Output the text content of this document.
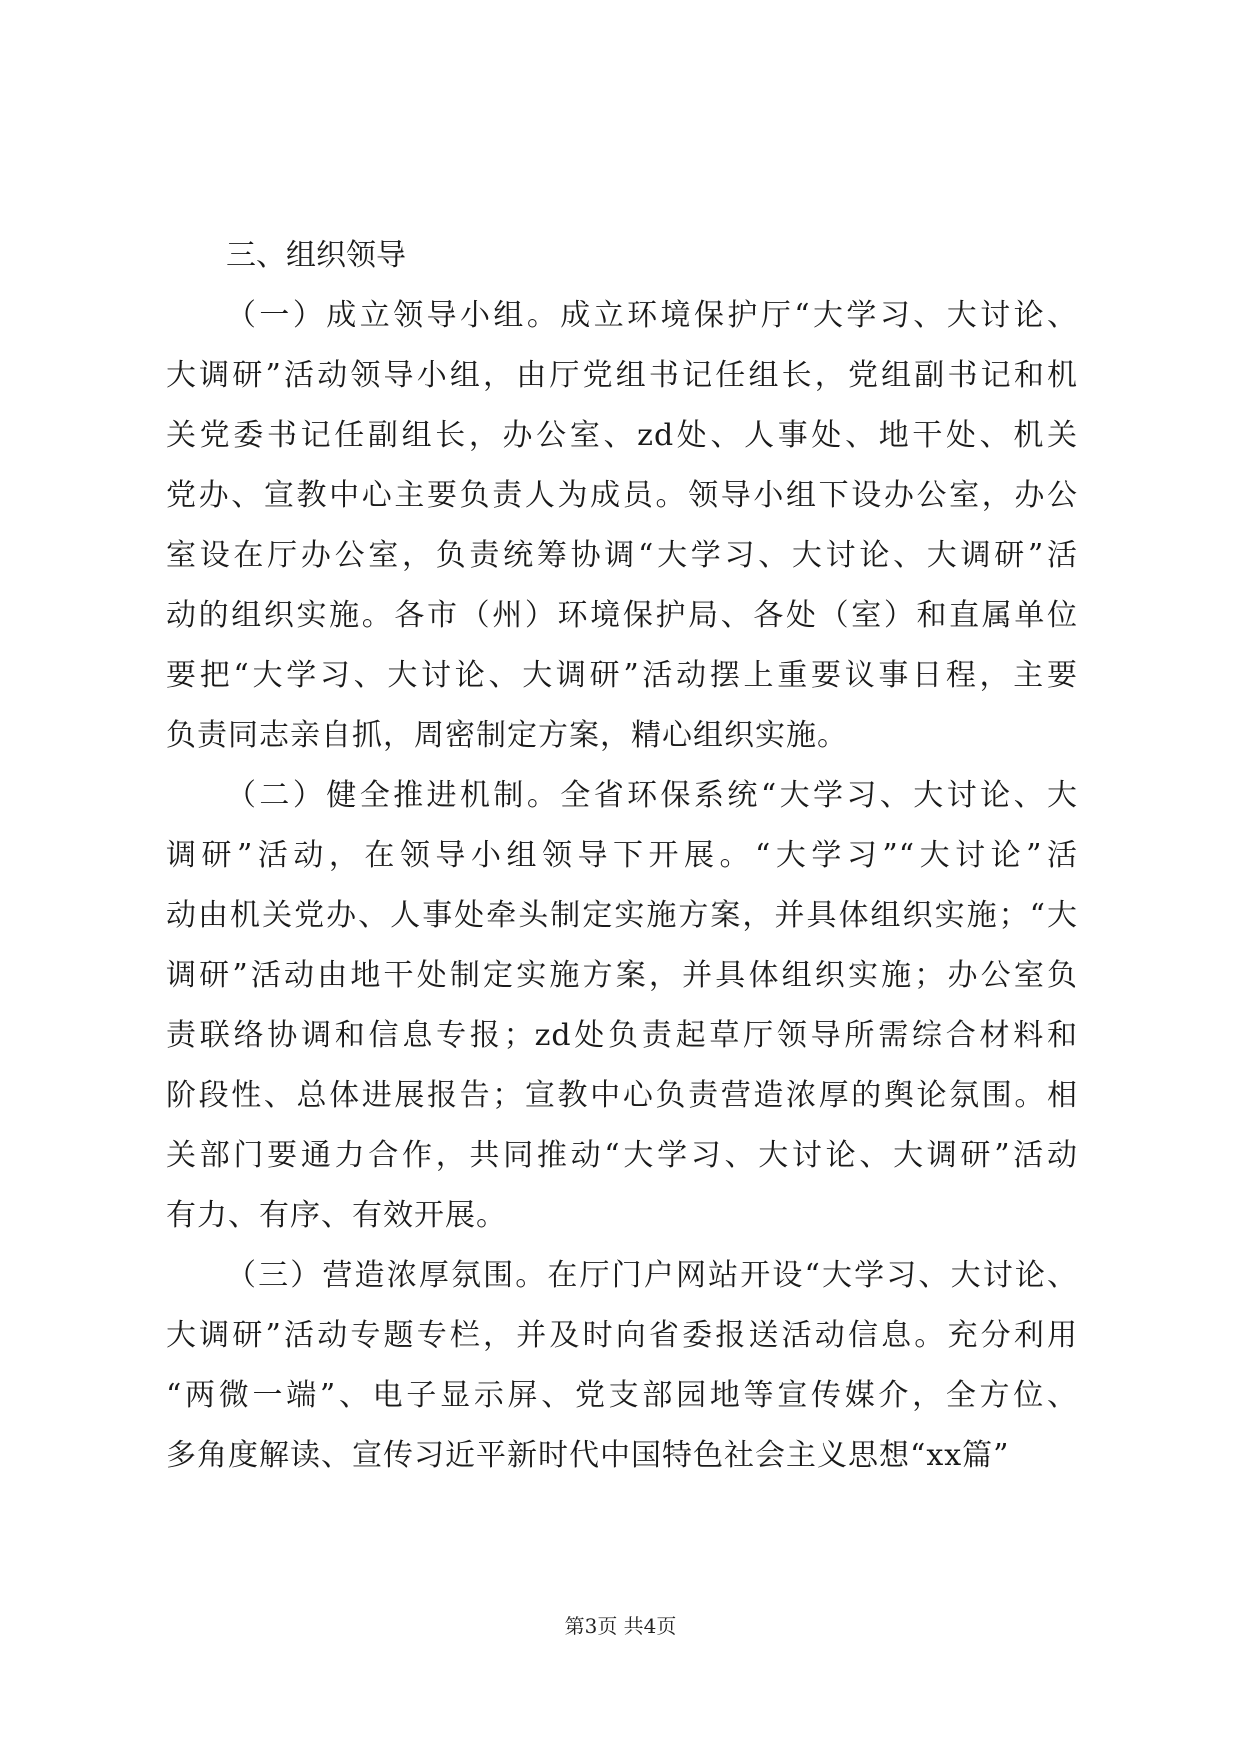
三、组织领导
（一）成立领导小组。成立环境保护厅“大学习、大讨论、
大调研”活动领导小组，由厅党组书记任组长，党组副书记和机
关党委书记任副组长，办公室、zd处、人事处、地干处、机关
党办、宣教中心主要负责人为成员。领导小组下设办公室，办公
室设在厅办公室，负责统筹协调“大学习、大讨论、大调研”活
动的组织实施。各市（州）环境保护局、各处（室）和直属单位
要把“大学习、大讨论、大调研”活动摆上重要议事日程，主要
负责同志亲自抓，周密制定方案，精心组织实施。
（二）健全推进机制。全省环保系统“大学习、大讨论、大
调研”活动，在领导小组领导下开展。“大学习”“大讨论”活
动由机关党办、人事处牵头制定实施方案，并具体组织实施；“大
调研”活动由地干处制定实施方案，并具体组织实施；办公室负
责联络协调和信息专报；zd处负责起草厅领导所需综合材料和
阶段性、总体进展报告；宣教中心负责营造浓厚的舆论氛围。相
关部门要通力合作，共同推动“大学习、大讨论、大调研”活动
有力、有序、有效开展。
（三）营造浓厚氛围。在厅门户网站开设“大学习、大讨论、
大调研”活动专题专栏，并及时向省委报送活动信息。充分利用
“两微一端”、电子显示屏、党支部园地等宣传媒介，全方位、
多角度解读、宣传习近平新时代中国特色社会主义思想“xx篇”
第3页 共4页
